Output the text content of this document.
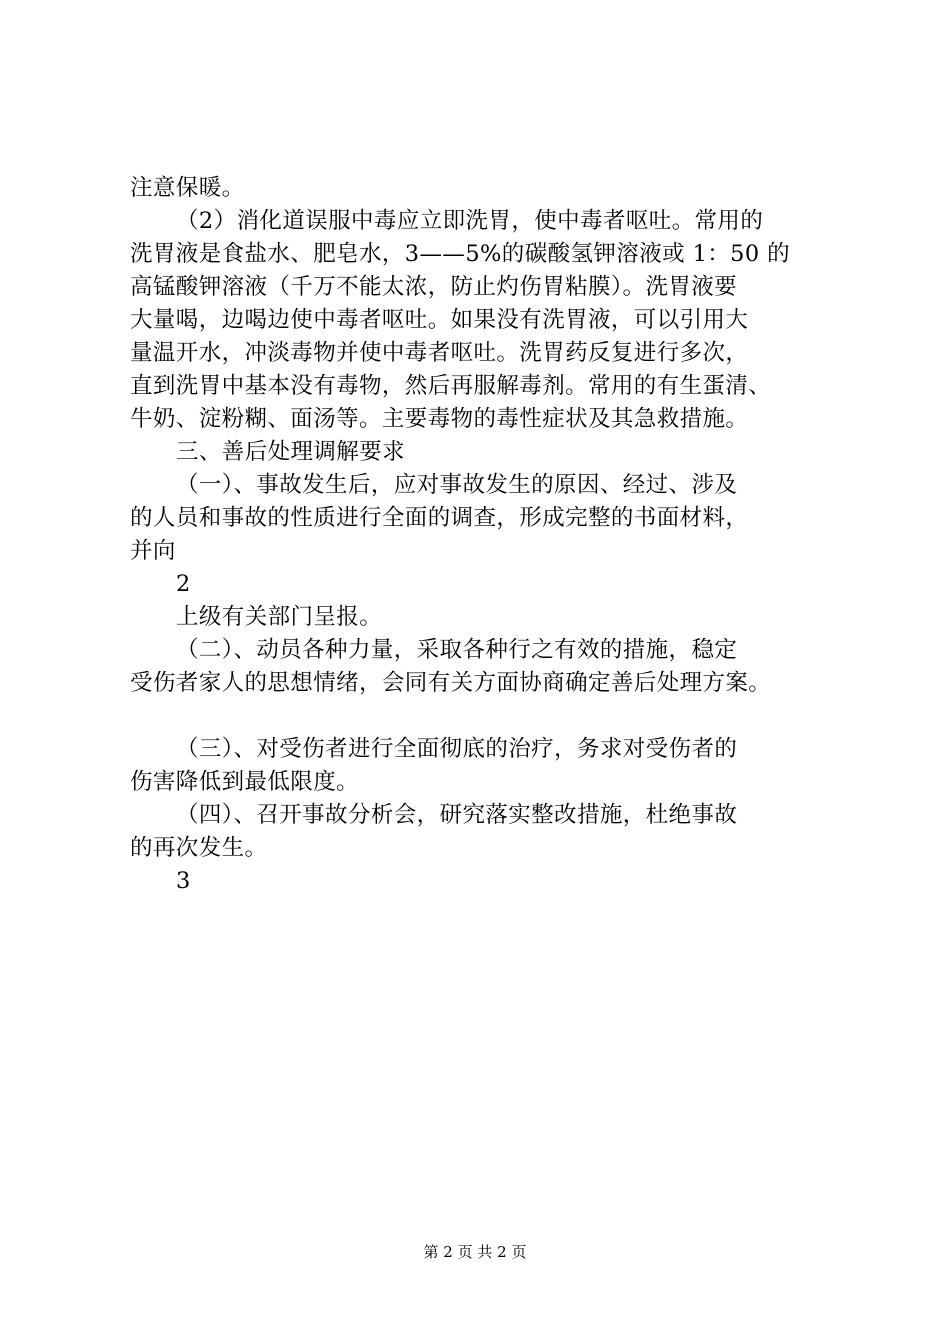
注意保暖。
（2）消化道误服中毒应立即洗胃，使中毒者呕吐。常用的
洗胃液是食盐水、肥皂水，3——5%的碳酸氢钾溶液或 1：50 的
高锰酸钾溶液（千万不能太浓，防止灼伤胃粘膜）。洗胃液要
大量喝，边喝边使中毒者呕吐。如果没有洗胃液，可以引用大
量温开水，冲淡毒物并使中毒者呕吐。洗胃药反复进行多次，
直到洗胃中基本没有毒物，然后再服解毒剂。常用的有生蛋清、
牛奶、淀粉糊、面汤等。主要毒物的毒性症状及其急救措施。
三、善后处理调解要求
（一）、事故发生后，应对事故发生的原因、经过、涉及
的人员和事故的性质进行全面的调查，形成完整的书面材料，
并向
2
上级有关部门呈报。
（二）、动员各种力量，采取各种行之有效的措施，稳定
受伤者家人的思想情绪，会同有关方面协商确定善后处理方案。
（三）、对受伤者进行全面彻底的治疗，务求对受伤者的
伤害降低到最低限度。
（四）、召开事故分析会，研究落实整改措施，杜绝事故
的再次发生。
3
第 2 页 共 2 页
